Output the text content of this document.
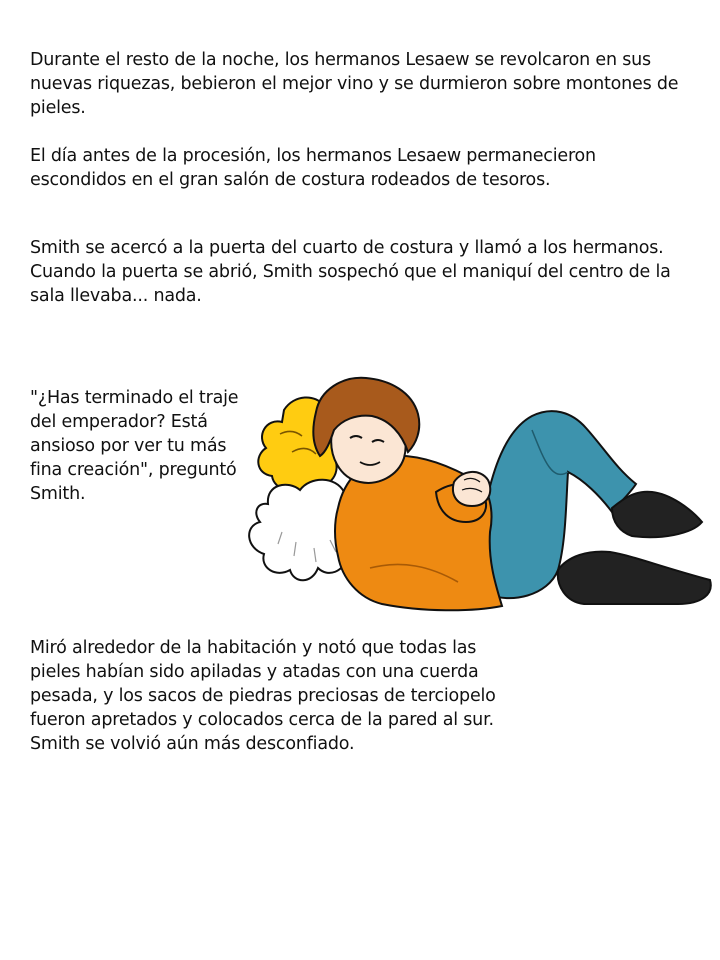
Durante el resto de la noche, los hermanos Lesaew se revolcaron en sus nuevas riquezas, bebieron el mejor vino y se durmieron sobre montones de pieles.

El día antes de la procesión, los hermanos Lesaew permanecieron escondidos en el gran salón de costura rodeados de tesoros.

Smith se acercó a la puerta del cuarto de costura y llamó a los hermanos. Cuando la puerta se abrió, Smith sospechó que el maniquí del centro de la sala llevaba... nada.

"¿Has terminado el traje del emperador? Está ansioso por ver tu más fina creación", preguntó Smith.

Miró alrededor de la habitación y notó que todas las pieles habían sido apiladas y atadas con una cuerda pesada, y los sacos de piedras preciosas de terciopelo fueron apretados y colocados cerca de la pared al sur. Smith se volvió aún más desconfiado.
